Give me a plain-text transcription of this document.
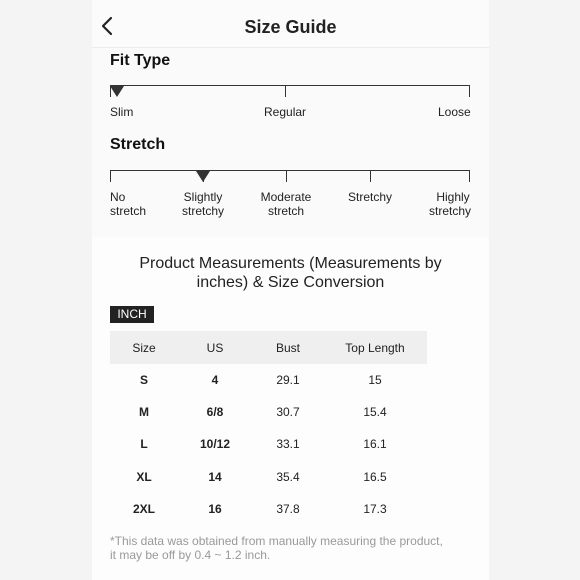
Size Guide
Fit Type
Slim	Regular	Loose
Stretch
No
stretch
Slightly
stretchy
Moderate
stretch
Stretchy	Highly
stretchy
Product Measurements (Measurements by
inches) & Size Conversion
INCH
Size	US	Bust	Top Length
S	4	29.1	15
M	6/8	30.7	15.4
L	10/12	33.1	16.1
XL	14	35.4	16.5
2XL	16	37.8	17.3
*This data was obtained from manually measuring the product,
it may be off by 0.4 ~ 1.2 inch.
